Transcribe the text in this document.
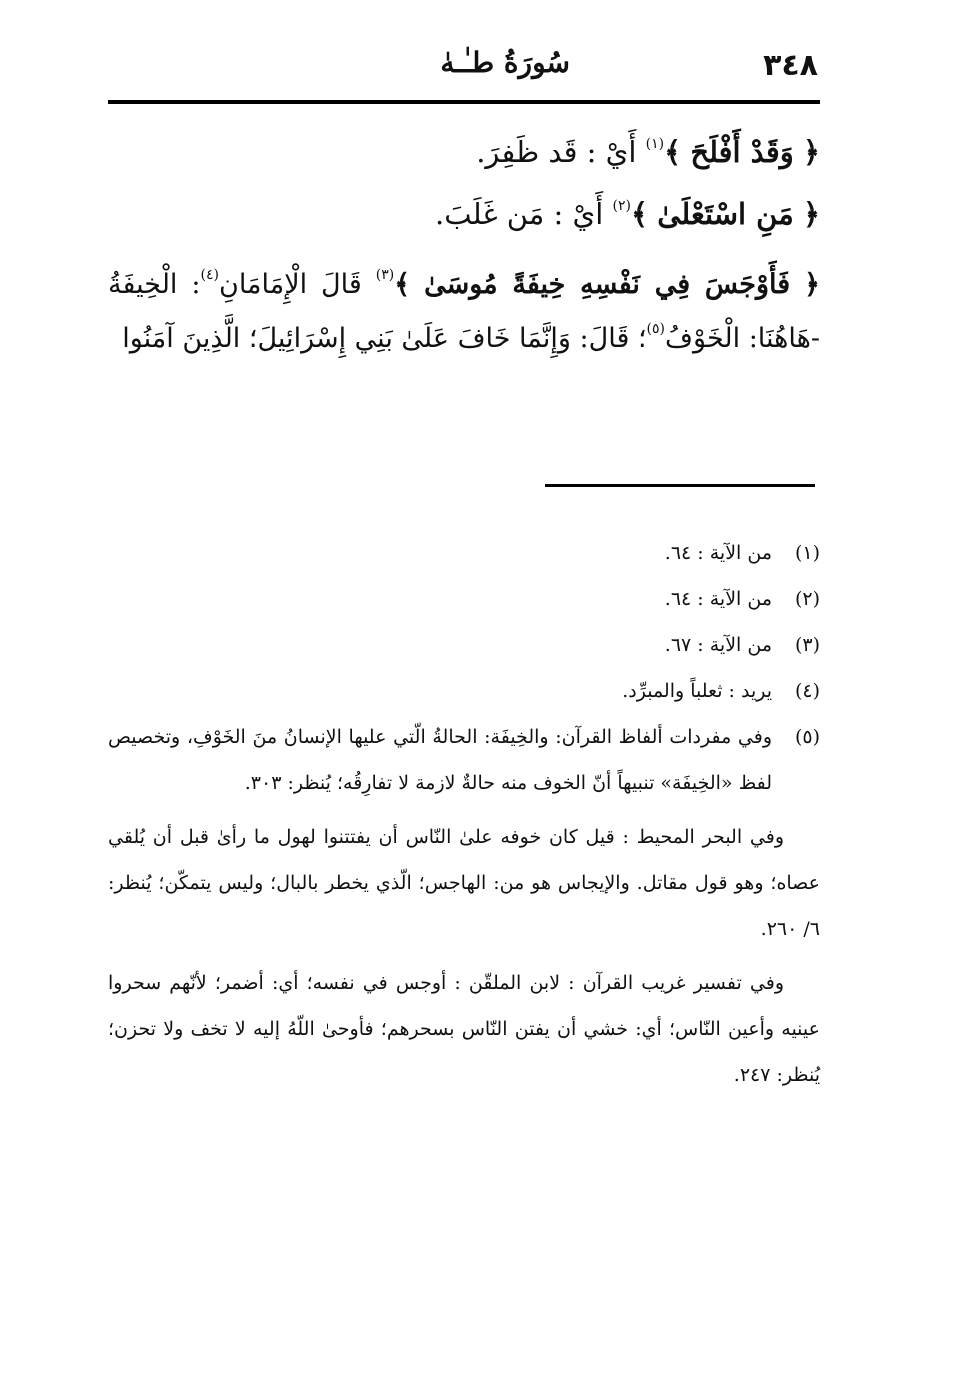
٣٤٨
سُورَةُ طـٰـهٰ
﴿ وَقَدْ أَفْلَحَ ﴾$^{(١)}$ أَيْ : قَد ظَفِرَ.
﴿ مَنِ اسْتَعْلَىٰ ﴾$^{(٢)}$ أَيْ : مَن غَلَبَ.

﴿ فَأَوْجَسَ فِي نَفْسِهِ خِيفَةً مُوسَىٰ ﴾$^{(٣)}$ قَالَ الْإِمَامَانِ$^{(٤)}$: الْخِيفَةُ -هَاهُنَا: الْخَوْفُ$^{(٥)}$؛ قَالَ: وَإِنَّمَا خَافَ عَلَىٰ بَنِي إِسْرَائِيلَ؛ الَّذِينَ آمَنُوا

(١)
من الآية : ٦٤.
(٢)
من الآية : ٦٤.
(٣)
من الآية : ٦٧.
(٤)
يريد : ثعلباً والمبرِّد.
(٥)
وفي مفردات ألفاظ القرآن: والخِيفَة: الحالةُ الّتي عليها الإنسانُ منَ الخَوْفِ، وتخصيص لفظ «الخِيفَة» تنبيهاً أنّ الخوف منه حالةٌ لازمة لا تفارِقُه؛ يُنظر: ٣٠٣.

وفي البحر المحيط : قيل كان خوفه علىٰ النّاس أن يفتتنوا لهول ما رأىٰ قبل أن يُلقي عصاه؛ وهو قول مقاتل. والإيجاس هو من: الهاجس؛ الّذي يخطر بالبال؛ وليس يتمكّن؛ يُنظر: ٦/ ٢٦٠.

وفي تفسير غريب القرآن : لابن الملقّن : أوجس في نفسه؛ أي: أضمر؛ لأنّهم سحروا عينيه وأعين النّاس؛ أي: خشي أن يفتن النّاس بسحرهم؛ فأوحىٰ اللّهُ إليه لا تخف ولا تحزن؛ يُنظر: ٢٤٧.
